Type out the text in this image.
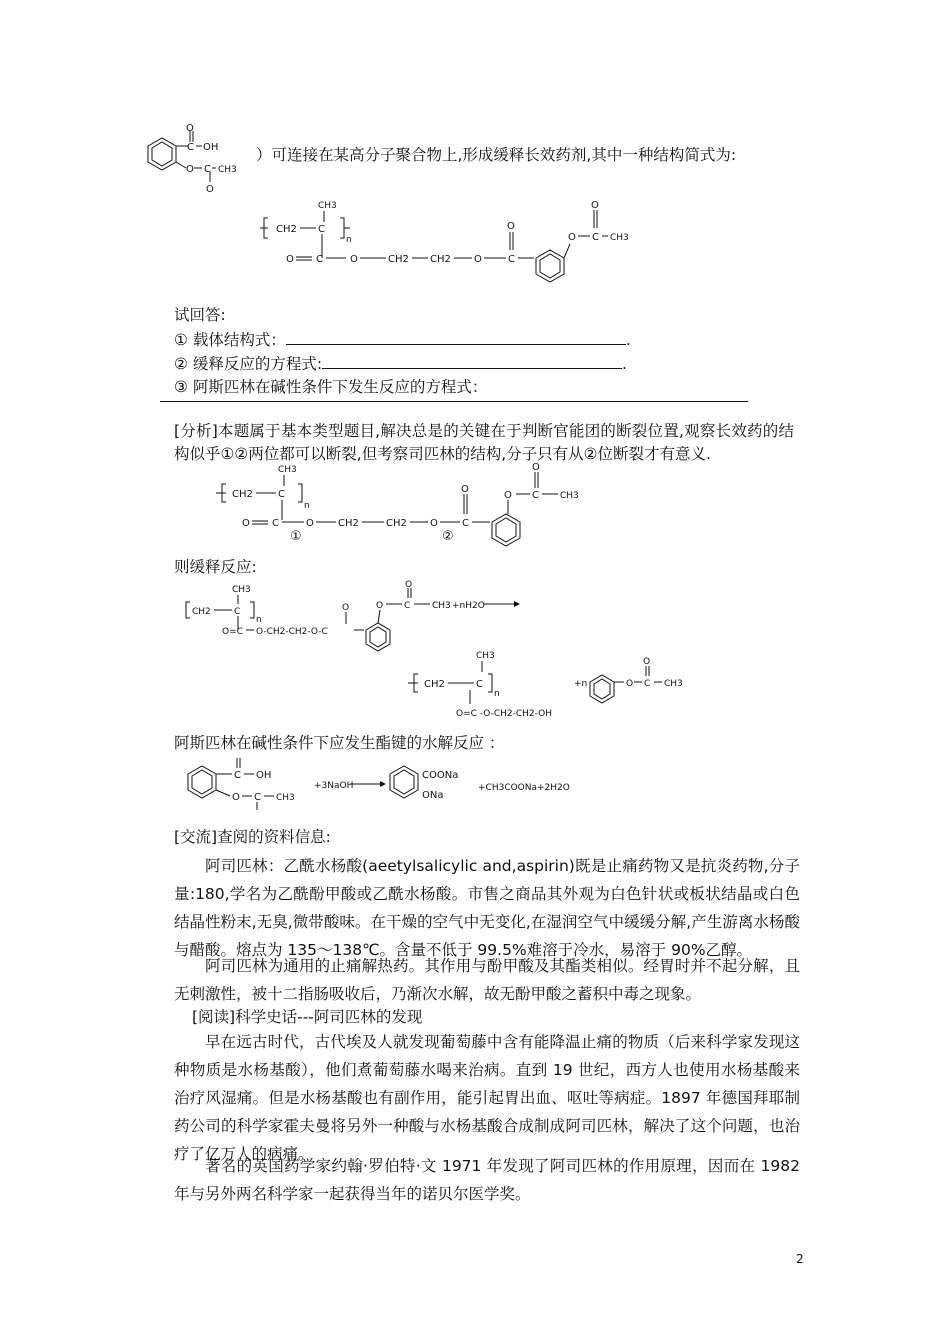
O
C OH
O C CH3
O
）可连接在某高分子聚合物上,形成缓释长效药剂,其中一种结构简式为:
CH3
CH2 C
n
O C	O	CH2 CH2 O	C
O
O C CH3
O
试回答:
① 载体结构式：	.
② 缓释反应的方程式:	.
③ 阿斯匹林在碱性条件下发生反应的方程式：
[分析]本题属于基本类型题目,解决总是的关键在于判断官能团的断裂位置,观察长效药的结构似乎①②两位都可以断裂,但考察司匹林的结构,分子只有从②位断裂才有意义.
CH3
CH2	C
n
O C	O CH2	CH2 O C
O
O C CH3
O
①	②
则缓释反应:
CH3
CH2	C
n
O=C O-CH2-CH2-O-C
O	O C
O
CH3 +nH2O
CH3
CH2	C
n
O=C -O-CH2-CH2-OH
+n	O C
O
CH3
阿斯匹林在碱性条件下应发生酯键的水解反应 ：
C OH
O C CH3
+3NaOH
COONa
ONa
+CH3COONa+2H2O
[交流]查阅的资料信息:
阿司匹林：乙酰水杨酸(aeetylsalicylic and,aspirin)既是止痛药物又是抗炎药物,分子量:180,学名为乙酰酚甲酸或乙酰水杨酸。市售之商品其外观为白色针状或板状结晶或白色结晶性粉末,无臭,微带酸味。在干燥的空气中无变化,在湿润空气中缓缓分解,产生游离水杨酸与醋酸。熔点为 135～138℃。含量不低于 99.5%难溶于冷水，易溶于 90%乙醇。
阿司匹林为通用的止痛解热药。其作用与酚甲酸及其酯类相似。经胃时并不起分解，且无刺激性，被十二指肠吸收后，乃渐次水解，故无酚甲酸之蓄积中毒之现象。
[阅读]科学史话---阿司匹林的发现
早在远古时代，古代埃及人就发现葡萄藤中含有能降温止痛的物质（后来科学家发现这种物质是水杨基酸），他们煮葡萄藤水喝来治病。直到 19 世纪，西方人也使用水杨基酸来治疗风湿痛。但是水杨基酸也有副作用，能引起胃出血、呕吐等病症。1897 年德国拜耶制药公司的科学家霍夫曼将另外一种酸与水杨基酸合成制成阿司匹林，解决了这个问题，也治疗了亿万人的病痛。
著名的英国药学家约翰·罗伯特·文 1971 年发现了阿司匹林的作用原理，因而在 1982 年与另外两名科学家一起获得当年的诺贝尔医学奖。
2
